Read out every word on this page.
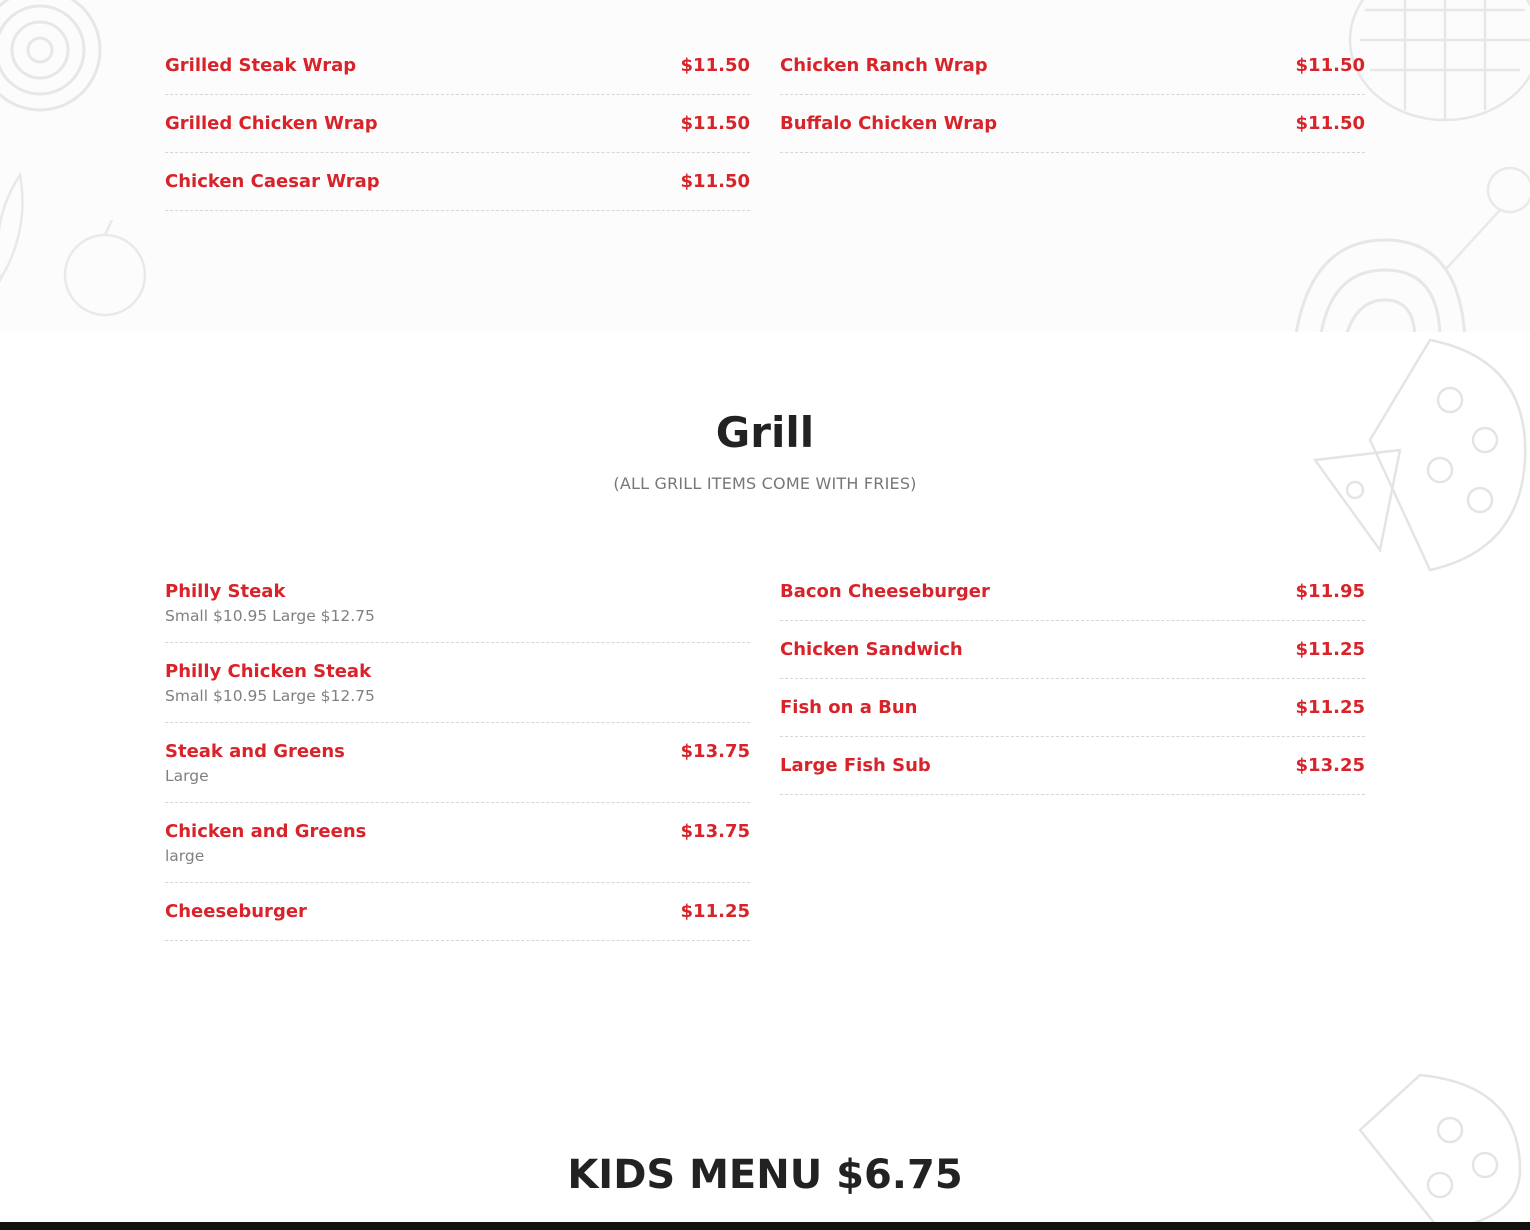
Grilled Steak Wrap	$11.50
Grilled Chicken Wrap	$11.50
Chicken Caesar Wrap	$11.50
Chicken Ranch Wrap	$11.50
Buffalo Chicken Wrap	$11.50
Grill
(ALL GRILL ITEMS COME WITH FRIES)
Philly Steak
Small $10.95 Large $12.75
Philly Chicken Steak
Small $10.95 Large $12.75
Steak and Greens	$13.75
Large
Chicken and Greens	$13.75
large
Cheeseburger	$11.25
Bacon Cheeseburger	$11.95
Chicken Sandwich	$11.25
Fish on a Bun	$11.25
Large Fish Sub	$13.25
KIDS MENU $6.75
